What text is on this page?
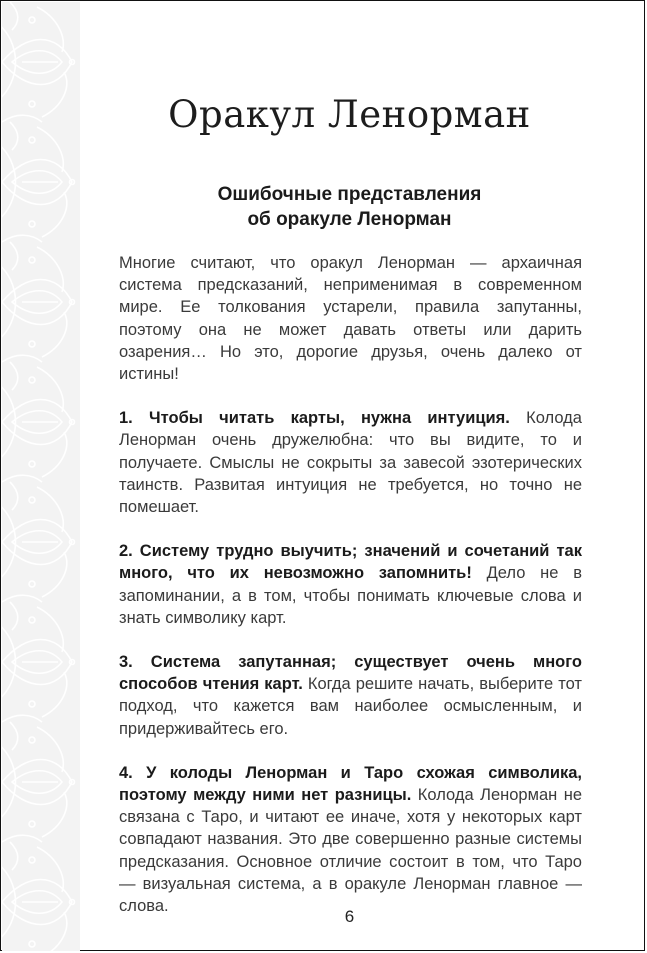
Оракул Ленорман
Ошибочные представления
об оракуле Ленорман

Многие считают, что оракул Ленорман — архаичная система предсказаний, неприменимая в современном мире. Ее толкования устарели, правила запутанны, поэтому она не может давать ответы или дарить озарения… Но это, дорогие друзья, очень далеко от истины!

1. Чтобы читать карты, нужна интуиция. Колода Ленорман очень дружелюбна: что вы видите, то и получаете. Смыслы не сокрыты за завесой эзотерических таинств. Развитая интуиция не требуется, но точно не помешает.

2. Систему трудно выучить; значений и сочетаний так много, что их невозможно запомнить! Дело не в запоминании, а в том, чтобы понимать ключевые слова и знать символику карт.

3. Система запутанная; существует очень много способов чтения карт. Когда решите начать, выберите тот подход, что кажется вам наиболее осмысленным, и придерживайтесь его.

4. У колоды Ленорман и Таро схожая символика, поэтому между ними нет разницы. Колода Ленорман не связана с Таро, и читают ее иначе, хотя у некоторых карт совпадают названия. Это две совершенно разные системы предсказания. Основное отличие состоит в том, что Таро — визуальная система, а в оракуле Ленорман главное — слова.

6
